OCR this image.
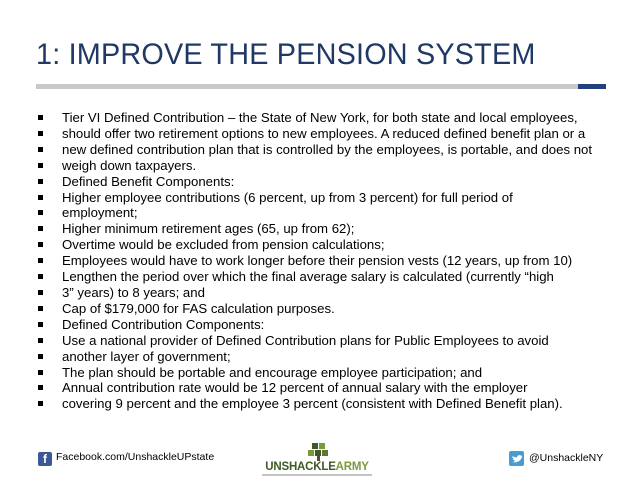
1: IMPROVE THE PENSION SYSTEM
Tier VI Defined Contribution – the State of New York, for both state and local employees,
should offer two retirement options to new employees. A reduced defined benefit plan or a
new defined contribution plan that is controlled by the employees, is portable, and does not
weigh down taxpayers.
Defined Benefit Components:
Higher employee contributions (6 percent, up from 3 percent) for full period of
employment;
Higher minimum retirement ages (65, up from 62);
Overtime would be excluded from pension calculations;
Employees would have to work longer before their pension vests (12 years, up from 10)
Lengthen the period over which the final average salary is calculated (currently “high
3” years) to 8 years; and
Cap of $179,000 for FAS calculation purposes.
Defined Contribution Components:
Use a national provider of Defined Contribution plans for Public Employees to avoid
another layer of government;
The plan should be portable and encourage employee participation; and
Annual contribution rate would be 12 percent of annual salary with the employer
covering 9 percent and the employee 3 percent (consistent with Defined Benefit plan).
f Facebook.com/UnshackleUPstate
UNSHACKLEARMY
@UnshackleNY
